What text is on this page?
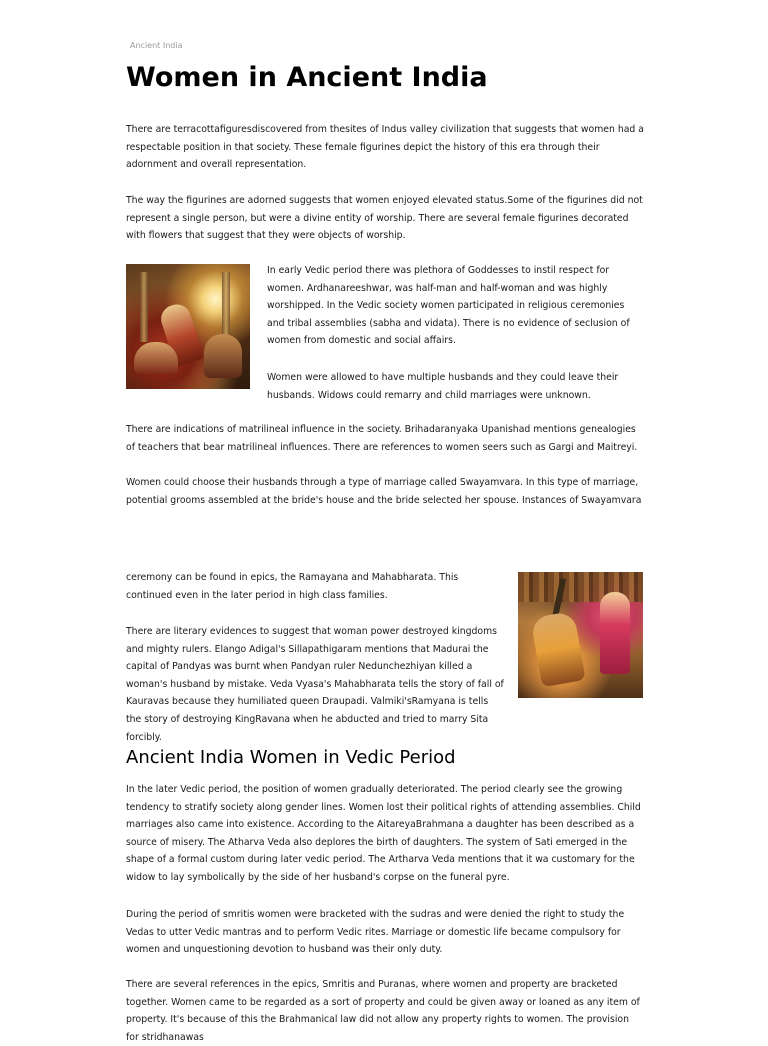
Ancient India
Women in Ancient India

There are terracottafiguresdiscovered from thesites of Indus valley civilization that suggests that women had a respectable position in that society. These female figurines depict the history of this era through their adornment and overall representation.

The way the figurines are adorned suggests that women enjoyed elevated status.Some of the figurines did not represent a single person, but were a divine entity of worship. There are several female figurines decorated with flowers that suggest that they were objects of worship.

In early Vedic period there was plethora of Goddesses to instil respect for women. Ardhanareeshwar, was half-man and half-woman and was highly worshipped. In the Vedic society women participated in religious ceremonies and tribal assemblies (sabha and vidata). There is no evidence of seclusion of women from domestic and social affairs.

Women were allowed to have multiple husbands and they could leave their husbands. Widows could remarry and child marriages were unknown.

There are indications of matrilineal influence in the society. Brihadaranyaka Upanishad mentions genealogies of teachers that bear matrilineal influences. There are references to women seers such as Gargi and Maitreyi.

Women could choose their husbands through a type of marriage called Swayamvara. In this type of marriage, potential grooms assembled at the bride's house and the bride selected her spouse. Instances of Swayamvara

ceremony can be found in epics, the Ramayana and Mahabharata. This continued even in the later period in high class families.

There are literary evidences to suggest that woman power destroyed kingdoms and mighty rulers. Elango Adigal's Sillapathigaram mentions that Madurai the capital of Pandyas was burnt when Pandyan ruler Nedunchezhiyan killed a woman's husband by mistake. Veda Vyasa's Mahabharata tells the story of fall of Kauravas because they humiliated queen Draupadi. Valmiki'sRamyana is tells the story of destroying KingRavana when he abducted and tried to marry Sita forcibly.

Ancient India Women in Vedic Period

In the later Vedic period, the position of women gradually deteriorated. The period clearly see the growing tendency to stratify society along gender lines. Women lost their political rights of attending assemblies. Child marriages also came into existence. According to the AitareyaBrahmana a daughter has been described as a source of misery. The Atharva Veda also deplores the birth of daughters. The system of Sati emerged in the shape of a formal custom during later vedic period. The Artharva Veda mentions that it wa customary for the widow to lay symbolically by the side of her husband's corpse on the funeral pyre.

During the period of smritis women were bracketed with the sudras and were denied the right to study the Vedas to utter Vedic mantras and to perform Vedic rites. Marriage or domestic life became compulsory for women and unquestioning devotion to husband was their only duty.

There are several references in the epics, Smritis and Puranas, where women and property are bracketed together. Women came to be regarded as a sort of property and could be given away or loaned as any item of property. It's because of this the Brahmanical law did not allow any property rights to women. The provision for stridhanawas
